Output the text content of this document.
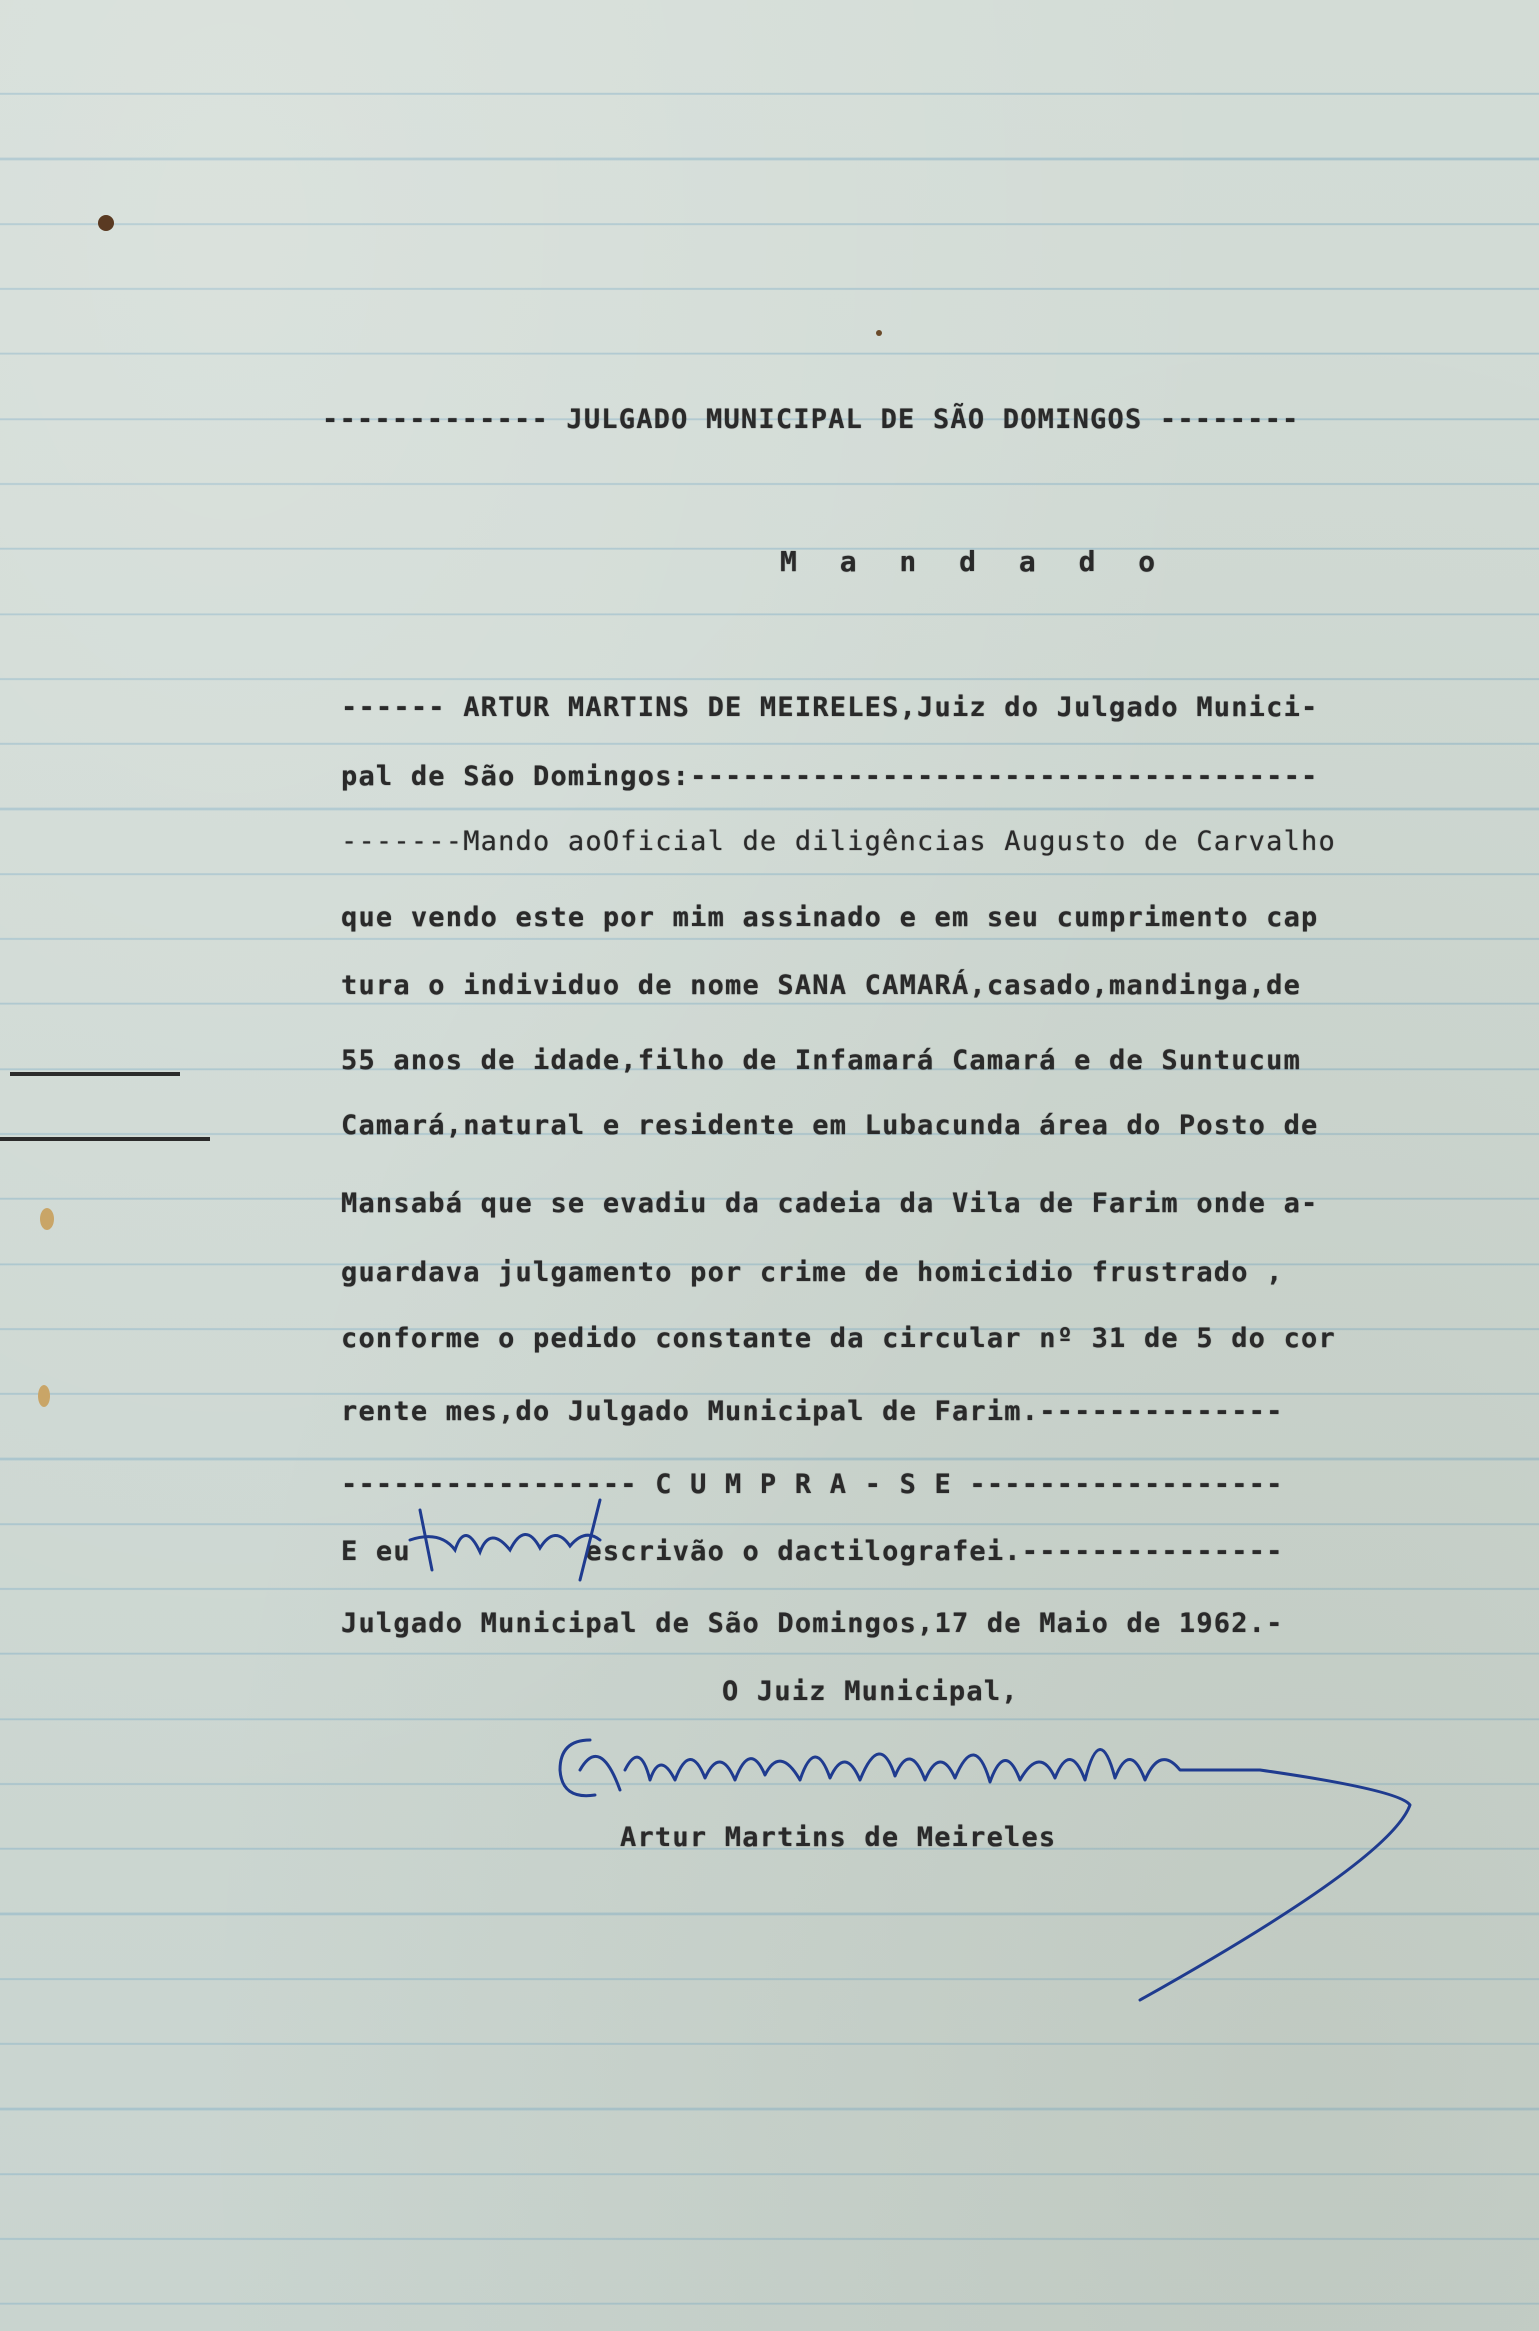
------------- JULGADO MUNICIPAL DE SÃO DOMINGOS --------
M a n d a d o
------ ARTUR MARTINS DE MEIRELES,Juiz do Julgado Munici-
pal de São Domingos:------------------------------------
-------Mando aoOficial de diligências Augusto de Carvalho
que vendo este por mim assinado e em seu cumprimento cap
tura o individuo de nome SANA CAMARÁ,casado,mandinga,de
55 anos de idade,filho de Infamará Camará e de Suntucum
Camará,natural e residente em Lubacunda área do Posto de
Mansabá que se evadiu da cadeia da Vila de Farim onde a-
guardava julgamento por crime de homicidio frustrado ,
conforme o pedido constante da circular nº 31 de 5 do cor
rente mes,do Julgado Municipal de Farim.--------------
----------------- C U M P R A - S E ------------------
E eu          escrivão o dactilografei.---------------
Julgado Municipal de São Domingos,17 de Maio de 1962.-
O Juiz Municipal,
Artur Martins de Meireles
